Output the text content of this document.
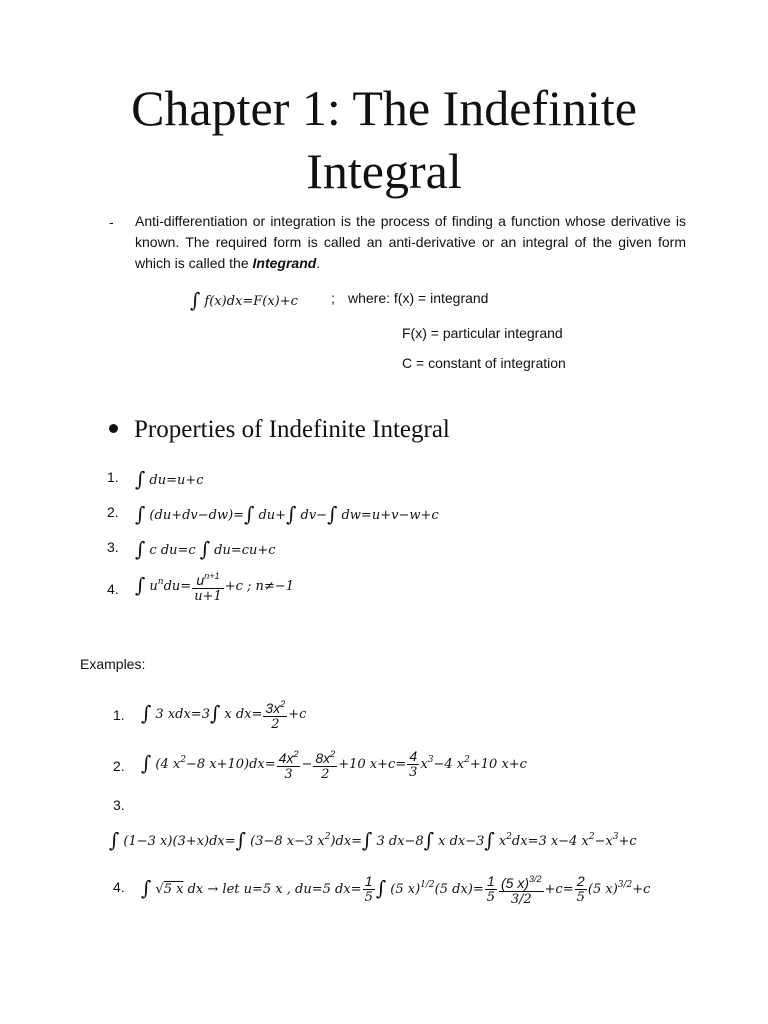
Chapter 1: The Indefinite
Integral
- Anti-differentiation or integration is the process of finding a function whose derivative is known. The required form is called an anti-derivative or an integral of the given form which is called the Integrand.
∫ f(x)dx=F(x)+c ; where: f(x) = integrand
F(x) = particular integrand
C = constant of integration
Properties of Indefinite Integral
1. ∫ du=u+c
2. ∫ (du+dv−dw)=∫ du+∫ dv−∫ dw=u+v−w+c
3. ∫ c du=c ∫ du=cu+c
4. ∫ $u^ndu= \frac{u^{n+1}}{u+1} +c$ ; n≠−1
Examples:
1. ∫ 3 xdx=3∫ x $dx= \frac{3x^2}{2} +c$
2. ∫ (4 $x^2-8$ $x+10)dx= \frac{4x^2}{3} - \frac{8x^2}{2} +10$ $x+c= \frac{4}{3} x^3-4$ $x^2+10$ x+c
3.
∫ (1−3 x)(3+x)dx=∫ (3−8 x−3 $x^2)dx=\int$ 3 dx−8∫ x dx−3∫ $x^2dx=3$ x−4 $x^2-x^3+c$
4. ∫ √5 x dx → let u=5 x , du=5 $dx= \frac{1}{5}$ ∫ (5 x)$^{1/2}$(5 $dx)= \frac{1}{5} \frac{(5 x)^{3/2}}{3/2} +c= \frac{2}{5} (5$ x)$^{3/2}$+c
